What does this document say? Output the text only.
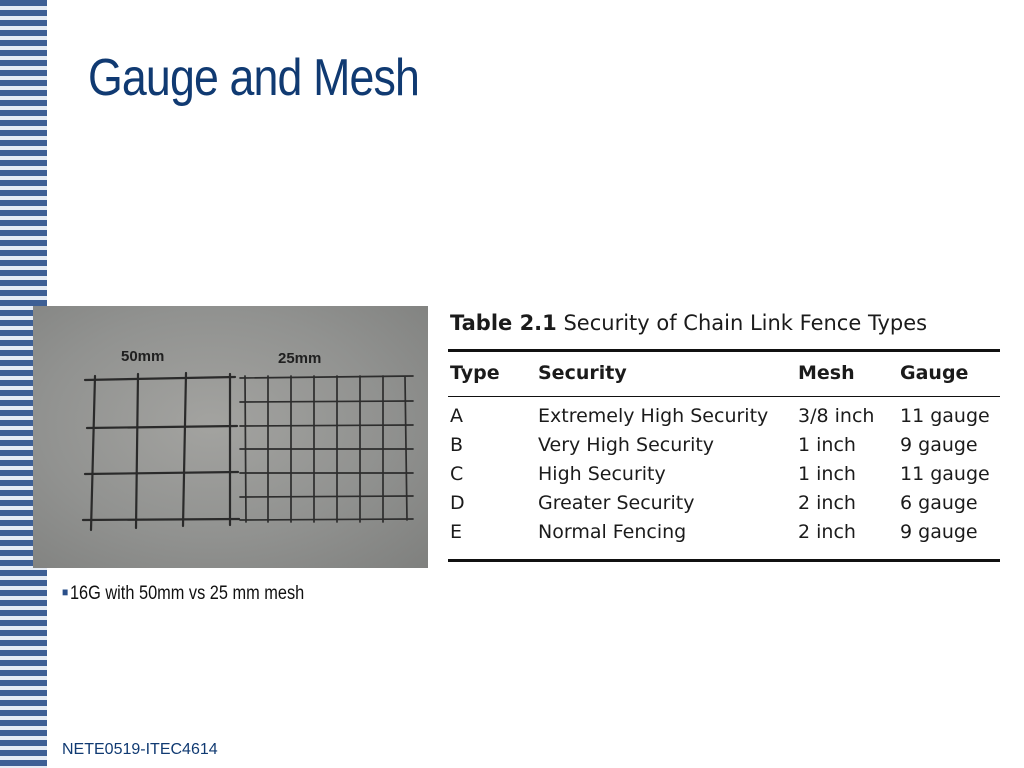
Gauge and Mesh
50mm	25mm
■16G with 50mm vs 25 mm mesh
Table 2.1 Security of Chain Link Fence Types
Type	Security	Mesh	Gauge
A	Extremely High Security	3/8 inch	11 gauge
B	Very High Security	1 inch	9 gauge
C	High Security	1 inch	11 gauge
D	Greater Security	2 inch	6 gauge
E	Normal Fencing	2 inch	9 gauge
NETE0519-ITEC4614
